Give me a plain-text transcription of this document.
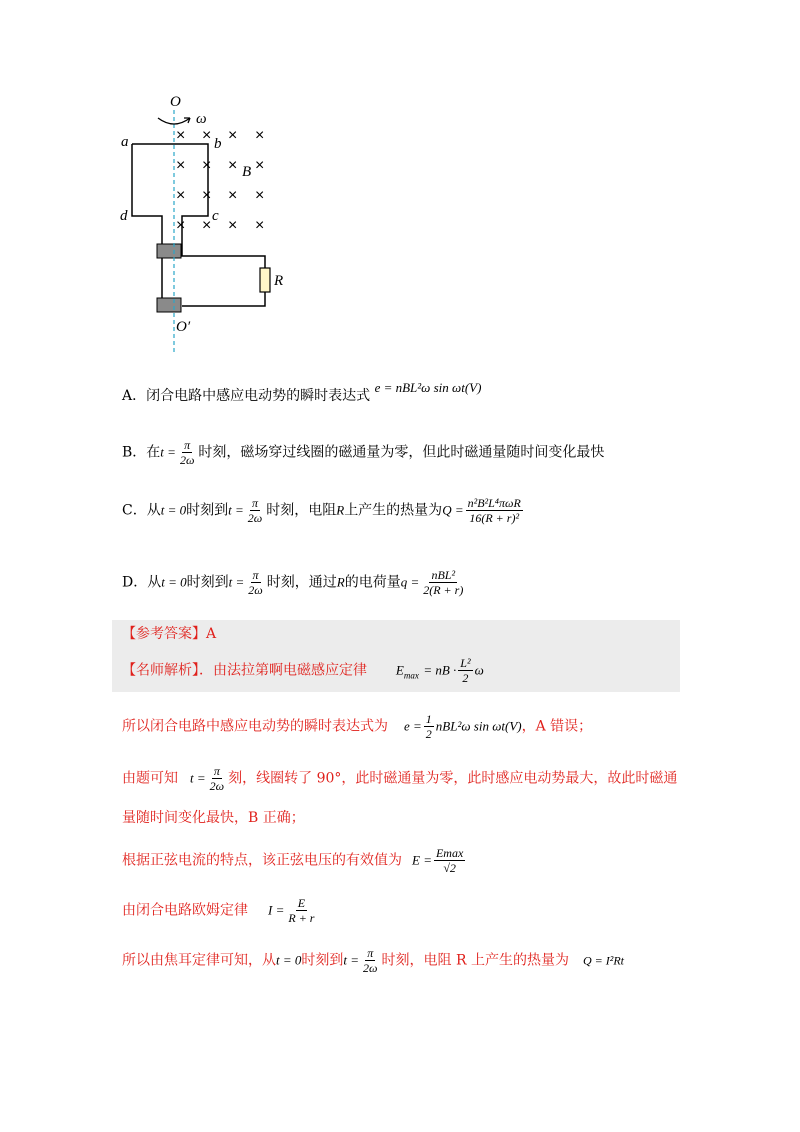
× × × ×
× × × ×
× × × ×
× × × ×
O
ω
a	b
c
d
B
R
O′
A．闭合电路中感应电动势的瞬时表达式 e = nBL²ω sin ωt(V)
B．在$t = \frac{\pi}{2\omega}$ 时刻，磁场穿过线圈的磁通量为零，但此时磁通量随时间变化最快
C．从t = 0时刻到$t = \frac{\pi}{2\omega}$ 时刻，电阻R上产生的热量为$Q = \frac{\text{n²B²L⁴πωR}}{\text{16(R + r)²}}$
D．从t = 0时刻到$t = \frac{\pi}{2\omega}$ 时刻，通过R的电荷量$q = \frac{\text{nBL²}}{2(R + r)}$
【参考答案】A
【名师解析】．由法拉第啊电磁感应定律 $E_{max}$ = nB · $\frac{\text{L²}}{2}$ ω
所以闭合电路中感应电动势的瞬时表达式为 $e = \frac{1}{2} nBL^2\omega$ sin ωt(V)，A 错误；
由题可知 $t = \frac{\pi}{2\omega}$ 刻，线圈转了 90°，此时磁通量为零，此时感应电动势最大，故此时磁通
量随时间变化最快，B 正确；
根据正弦电流的特点，该正弦电压的有效值为 $E = \frac{Emax}{√2}$
由闭合电路欧姆定律 $I = \frac{E}{R + r}$
所以由焦耳定律可知，从t = 0时刻到$t = \frac{\pi}{2\omega}$ 时刻，电阻 R 上产生的热量为 Q = I²Rt
